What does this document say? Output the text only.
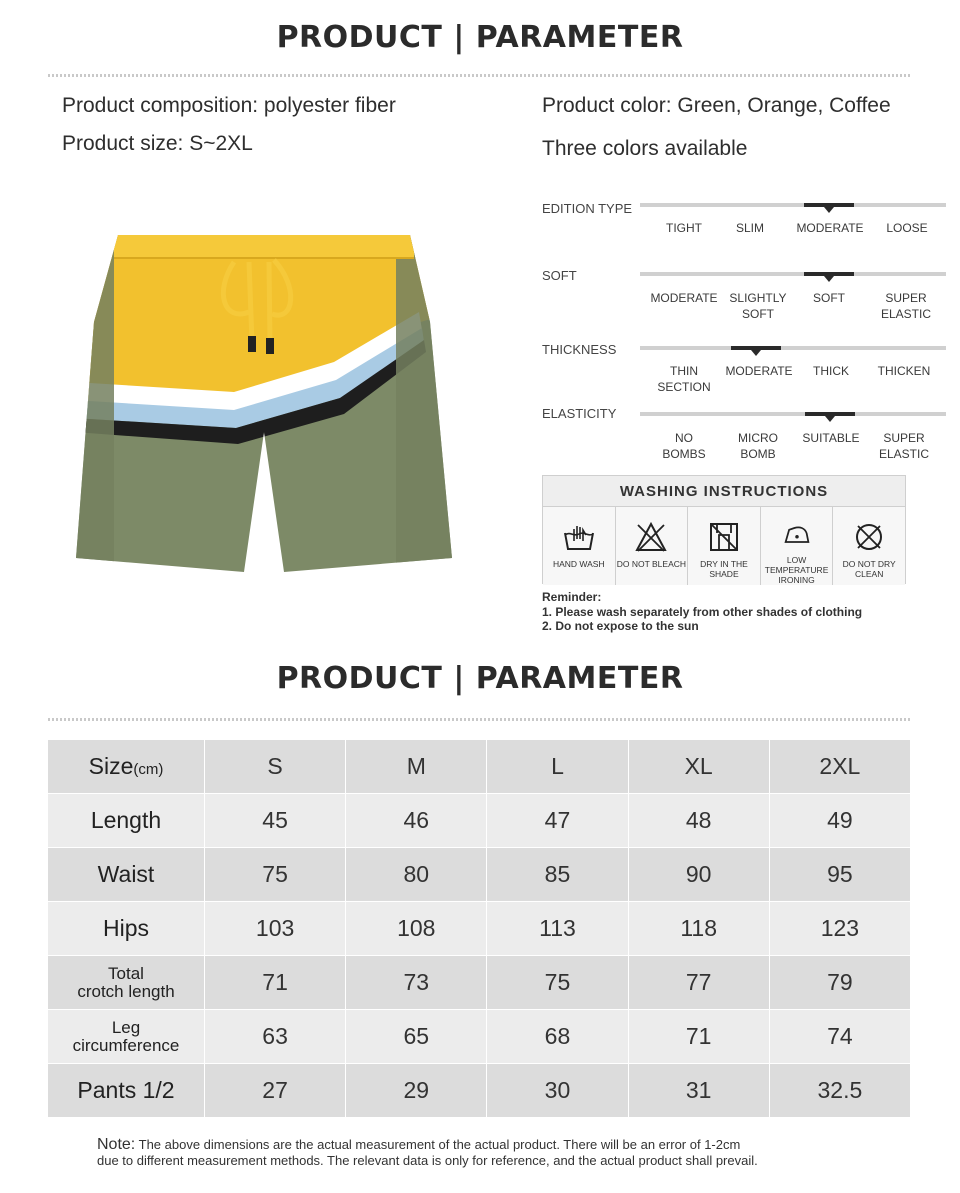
PRODUCT | PARAMETER
Product composition: polyester fiber
Product size: S~2XL
Product color: Green, Orange, Coffee
Three colors available
EDITION TYPE
TIGHT	SLIM	MODERATE	LOOSE
SOFT
MODERATE SLIGHTLY SOFT
SOFT	SUPER ELASTIC
THICKNESS
THIN SECTION
MODERATE	THICK	THICKEN
ELASTICITY
NO BOMBS
MICRO BOMB
SUITABLE	SUPER ELASTIC
WASHING INSTRUCTIONS
HAND WASH DO NOT BLEACH	DRY IN THE SHADE
LOW TEMPERATURE IRONING
DO NOT DRY CLEAN
Reminder:
1. Please wash separately from other shades of clothing
2. Do not expose to the sun
PRODUCT | PARAMETER
Size(cm)	S	M	L	XL	2XL
Length	45	46	47	48	49
Waist	75	80	85	90	95
Hips	103	108	113	118	123

Total
crotch length	71	73	75	77	79

Leg
circumference	63	65	68	71	74
Pants 1/2	27	29	30	31	32.5
Note: The above dimensions are the actual measurement of the actual product. There will be an error of 1-2cm
due to different measurement methods. The relevant data is only for reference, and the actual product shall prevail.
